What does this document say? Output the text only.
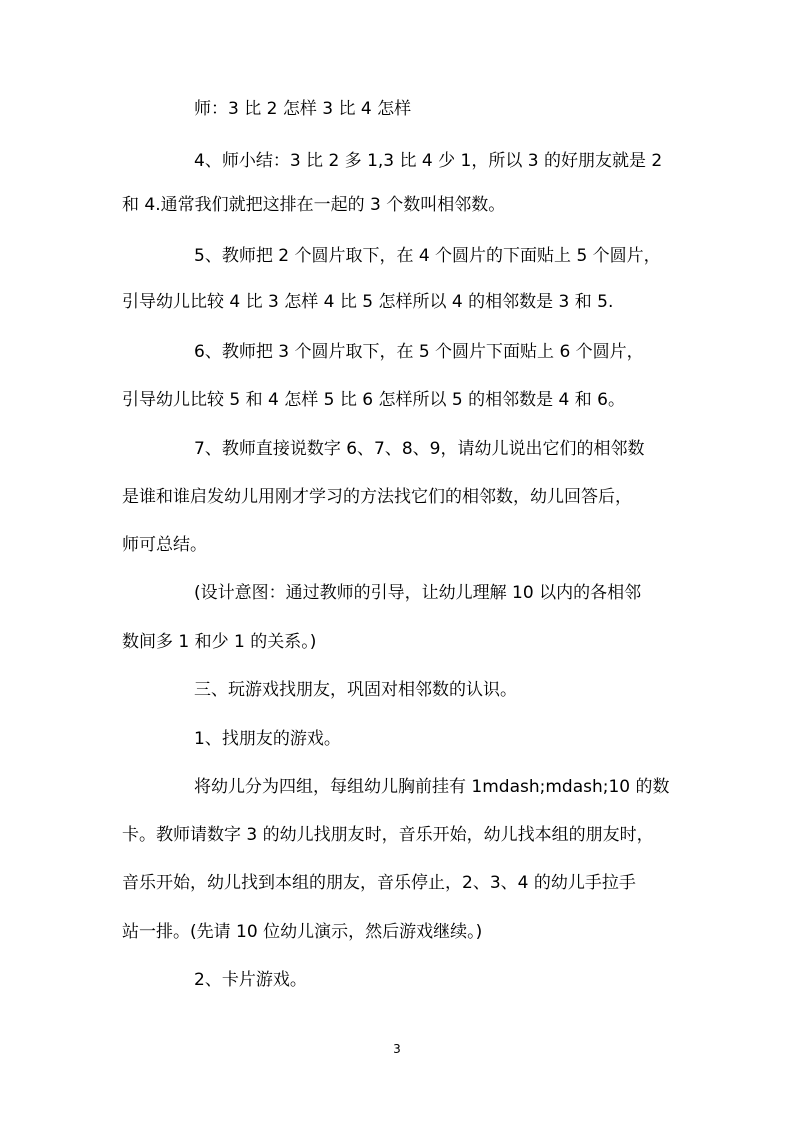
师：3 比 2 怎样 3 比 4 怎样
4、师小结：3 比 2 多 1,3 比 4 少 1，所以 3 的好朋友就是 2
和 4.通常我们就把这排在一起的 3 个数叫相邻数。
5、教师把 2 个圆片取下，在 4 个圆片的下面贴上 5 个圆片，
引导幼儿比较 4 比 3 怎样 4 比 5 怎样所以 4 的相邻数是 3 和 5.
6、教师把 3 个圆片取下，在 5 个圆片下面贴上 6 个圆片，
引导幼儿比较 5 和 4 怎样 5 比 6 怎样所以 5 的相邻数是 4 和 6。
7、教师直接说数字 6、7、8、9，请幼儿说出它们的相邻数
是谁和谁启发幼儿用刚才学习的方法找它们的相邻数，幼儿回答后，
师可总结。
(设计意图：通过教师的引导，让幼儿理解 10 以内的各相邻
数间多 1 和少 1 的关系。)
三、玩游戏找朋友，巩固对相邻数的认识。
1、找朋友的游戏。
将幼儿分为四组，每组幼儿胸前挂有 1mdash;mdash;10 的数
卡。教师请数字 3 的幼儿找朋友时，音乐开始，幼儿找本组的朋友时，
音乐开始，幼儿找到本组的朋友，音乐停止，2、3、4 的幼儿手拉手
站一排。(先请 10 位幼儿演示，然后游戏继续。)
2、卡片游戏。
3
